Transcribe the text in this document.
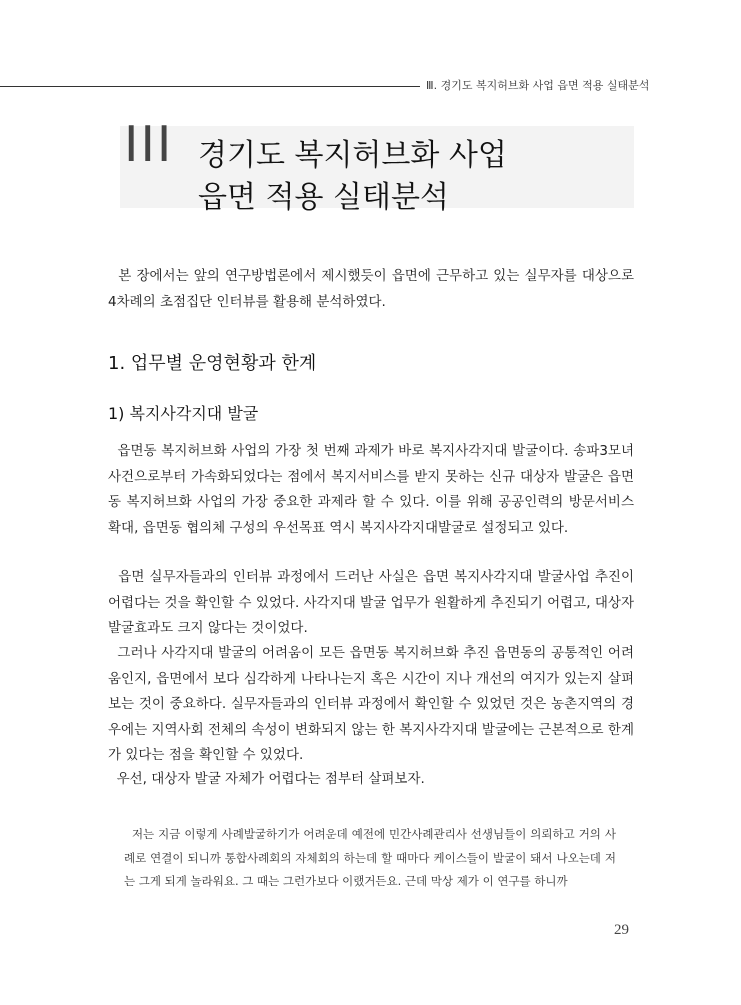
Ⅲ. 경기도 복지허브화 사업 읍면 적용 실태분석
III 경기도 복지허브화 사업
읍면 적용 실태분석
본 장에서는 앞의 연구방법론에서 제시했듯이 읍면에 근무하고 있는 실무자를 대상으로 4차례의 초점집단 인터뷰를 활용해 분석하였다.
1. 업무별 운영현황과 한계
1) 복지사각지대 발굴
읍면동 복지허브화 사업의 가장 첫 번째 과제가 바로 복지사각지대 발굴이다. 송파3모녀 사건으로부터 가속화되었다는 점에서 복지서비스를 받지 못하는 신규 대상자 발굴은 읍면동 복지허브화 사업의 가장 중요한 과제라 할 수 있다. 이를 위해 공공인력의 방문서비스 확대, 읍면동 협의체 구성의 우선목표 역시 복지사각지대발굴로 설정되고 있다.
읍면 실무자들과의 인터뷰 과정에서 드러난 사실은 읍면 복지사각지대 발굴사업 추진이 어렵다는 것을 확인할 수 있었다. 사각지대 발굴 업무가 원활하게 추진되기 어렵고, 대상자 발굴효과도 크지 않다는 것이었다.
그러나 사각지대 발굴의 어려움이 모든 읍면동 복지허브화 추진 읍면동의 공통적인 어려움인지, 읍면에서 보다 심각하게 나타나는지 혹은 시간이 지나 개선의 여지가 있는지 살펴보는 것이 중요하다. 실무자들과의 인터뷰 과정에서 확인할 수 있었던 것은 농촌지역의 경우에는 지역사회 전체의 속성이 변화되지 않는 한 복지사각지대 발굴에는 근본적으로 한계가 있다는 점을 확인할 수 있었다.
우선, 대상자 발굴 자체가 어렵다는 점부터 살펴보자.
저는 지금 이렇게 사례발굴하기가 어려운데 예전에 민간사례관리사 선생님들이 의뢰하고 거의 사례로 연결이 되니까 통합사례회의 자체회의 하는데 할 때마다 케이스들이 발굴이 돼서 나오는데 저는 그게 되게 놀라워요. 그 때는 그런가보다 이랬거든요. 근데 막상 제가 이 연구를 하니까
29
